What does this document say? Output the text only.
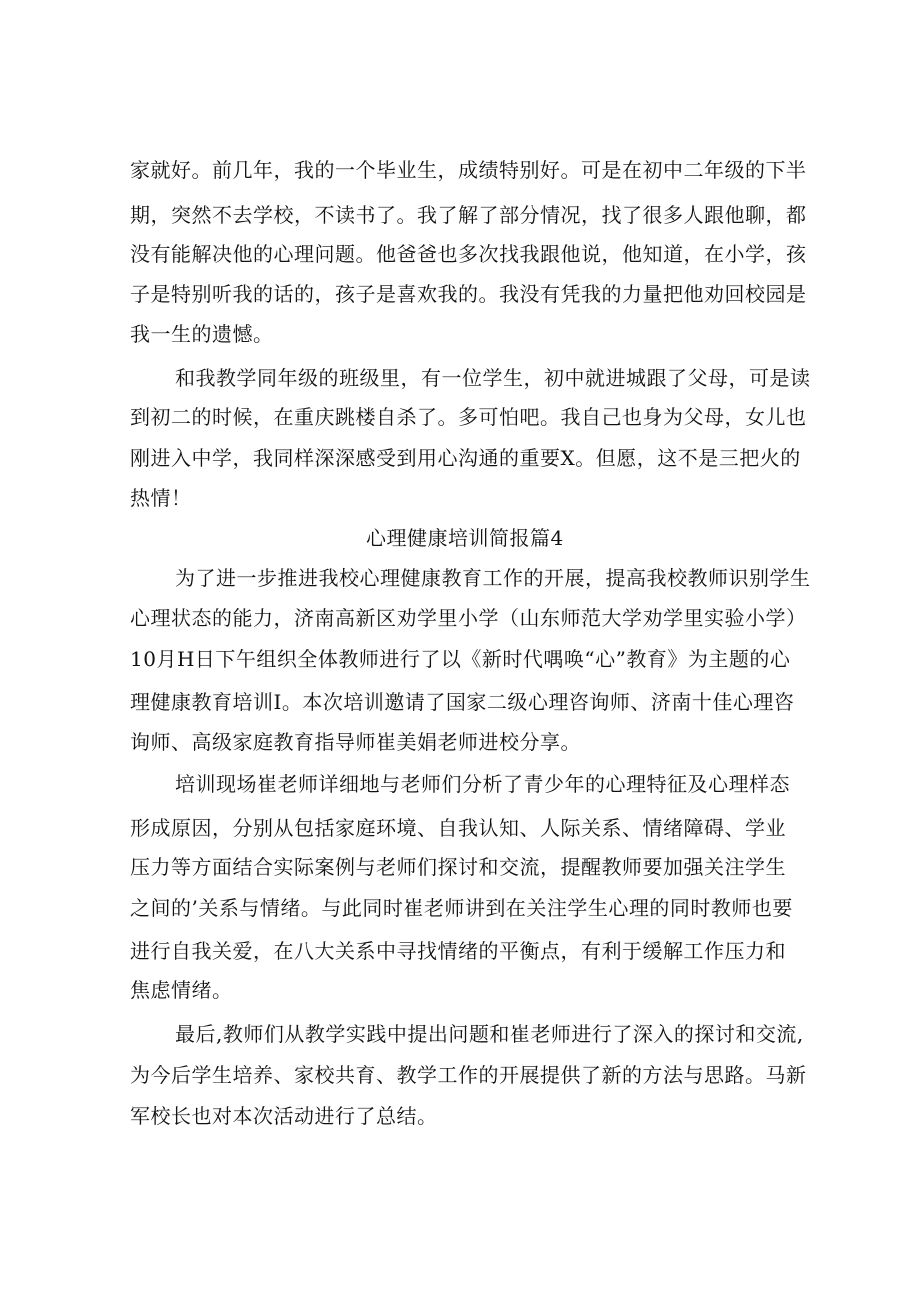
家就好。前几年，我的一个毕业生，成绩特别好。可是在初中二年级的下半
期，突然不去学校，不读书了。我了解了部分情况，找了很多人跟他聊，都
没有能解决他的心理问题。他爸爸也多次找我跟他说，他知道，在小学，孩
子是特别听我的话的，孩子是喜欢我的。我没有凭我的力量把他劝回校园是
我一生的遗憾。
和我教学同年级的班级里，有一位学生，初中就进城跟了父母，可是读
到初二的时候，在重庆跳楼自杀了。多可怕吧。我自己也身为父母，女儿也
刚进入中学，我同样深深感受到用心沟通的重要X。但愿，这不是三把火的
热情！
心理健康培训简报篇4
为了进一步推进我校心理健康教育工作的开展，提高我校教师识别学生
心理状态的能力，济南高新区劝学里小学（山东师范大学劝学里实验小学）
10月H日下午组织全体教师进行了以《新时代喁唤“心”教育》为主题的心
理健康教育培训I。本次培训邀请了国家二级心理咨询师、济南十佳心理咨
询师、高级家庭教育指导师崔美娟老师进校分享。
培训现场崔老师详细地与老师们分析了青少年的心理特征及心理样态
形成原因，分别从包括家庭环境、自我认知、人际关系、情绪障碍、学业
压力等方面结合实际案例与老师们探讨和交流，提醒教师要加强关注学生
之间的’关系与情绪。与此同时崔老师讲到在关注学生心理的同时教师也要
进行自我关爱，在八大关系中寻找情绪的平衡点，有利于缓解工作压力和
焦虑情绪。
最后,教师们从教学实践中提出问题和崔老师进行了深入的探讨和交流,
为今后学生培养、家校共育、教学工作的开展提供了新的方法与思路。马新
军校长也对本次活动进行了总结。
